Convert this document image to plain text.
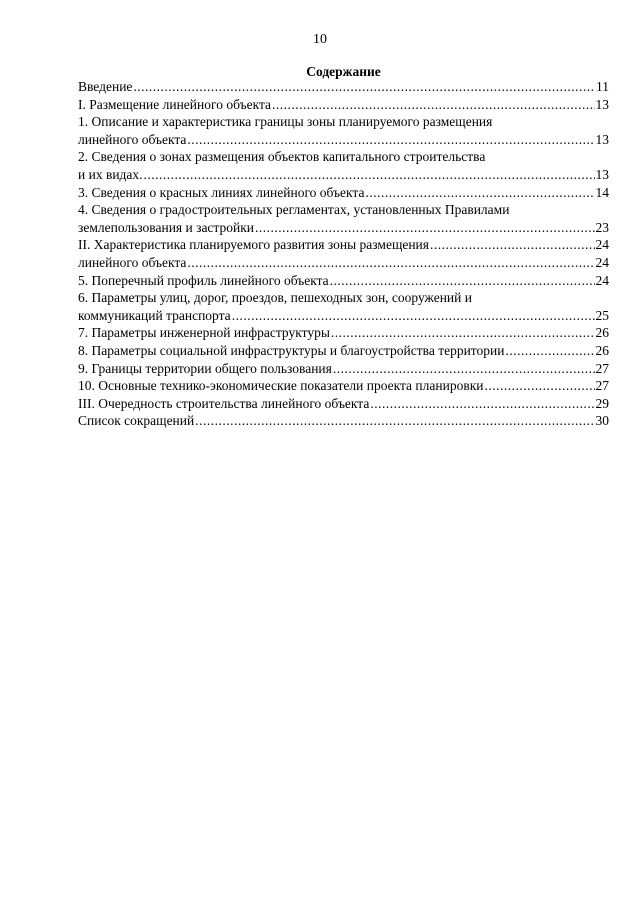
10
Содержание
Введение .....	11
I. Размещение линейного объекта .....	13
1. Описание и характеристика границы зоны планируемого размещения
линейного объекта .....	13
2. Сведения о зонах размещения объектов капитального строительства
и их видах. .....	13
3. Сведения о красных линиях линейного объекта .....	14
4. Сведения о градостроительных регламентах, установленных Правилами
землепользования и застройки .....	23
II. Характеристика планируемого развития зоны размещения .....	24
линейного объекта .....	24
5. Поперечный профиль линейного объекта .....	24
6. Параметры улиц, дорог, проездов, пешеходных зон, сооружений и
коммуникаций транспорта .....	25
7. Параметры инженерной инфраструктуры .....	26
8. Параметры социальной инфраструктуры и благоустройства территории .....	26
9. Границы территории общего пользования .....	27
10. Основные технико-экономические показатели проекта планировки .....	27
III. Очередность строительства линейного объекта .....	29
Список сокращений .....	30
